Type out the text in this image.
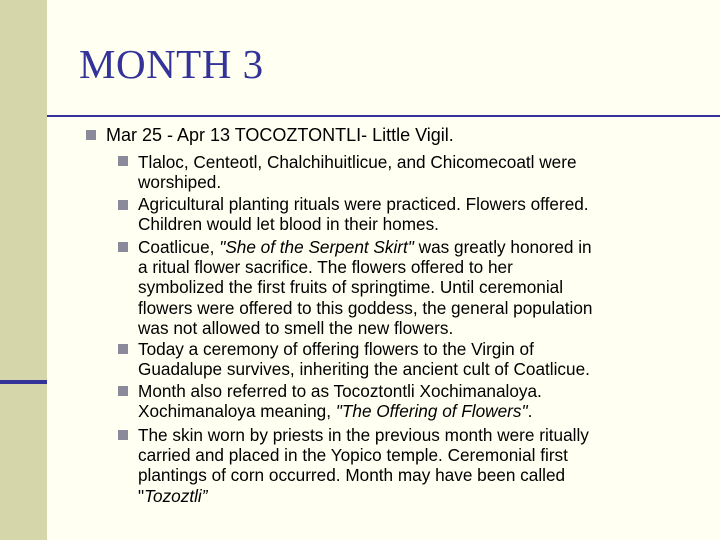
MONTH 3
Mar 25 - Apr 13 TOCOZTONTLI- Little Vigil.
Tlaloc, Centeotl, Chalchihuitlicue, and Chicomecoatl were
worshiped.
Agricultural planting rituals were practiced. Flowers offered.
Children would let blood in their homes.
Coatlicue, "She of the Serpent Skirt" was greatly honored in
a ritual flower sacrifice. The flowers offered to her
symbolized the first fruits of springtime. Until ceremonial
flowers were offered to this goddess, the general population
was not allowed to smell the new flowers.
Today a ceremony of offering flowers to the Virgin of
Guadalupe survives, inheriting the ancient cult of Coatlicue.
Month also referred to as Tocoztontli Xochimanaloya.
Xochimanaloya meaning, "The Offering of Flowers".
The skin worn by priests in the previous month were ritually
carried and placed in the Yopico temple. Ceremonial first
plantings of corn occurred. Month may have been called
"Tozoztli”
